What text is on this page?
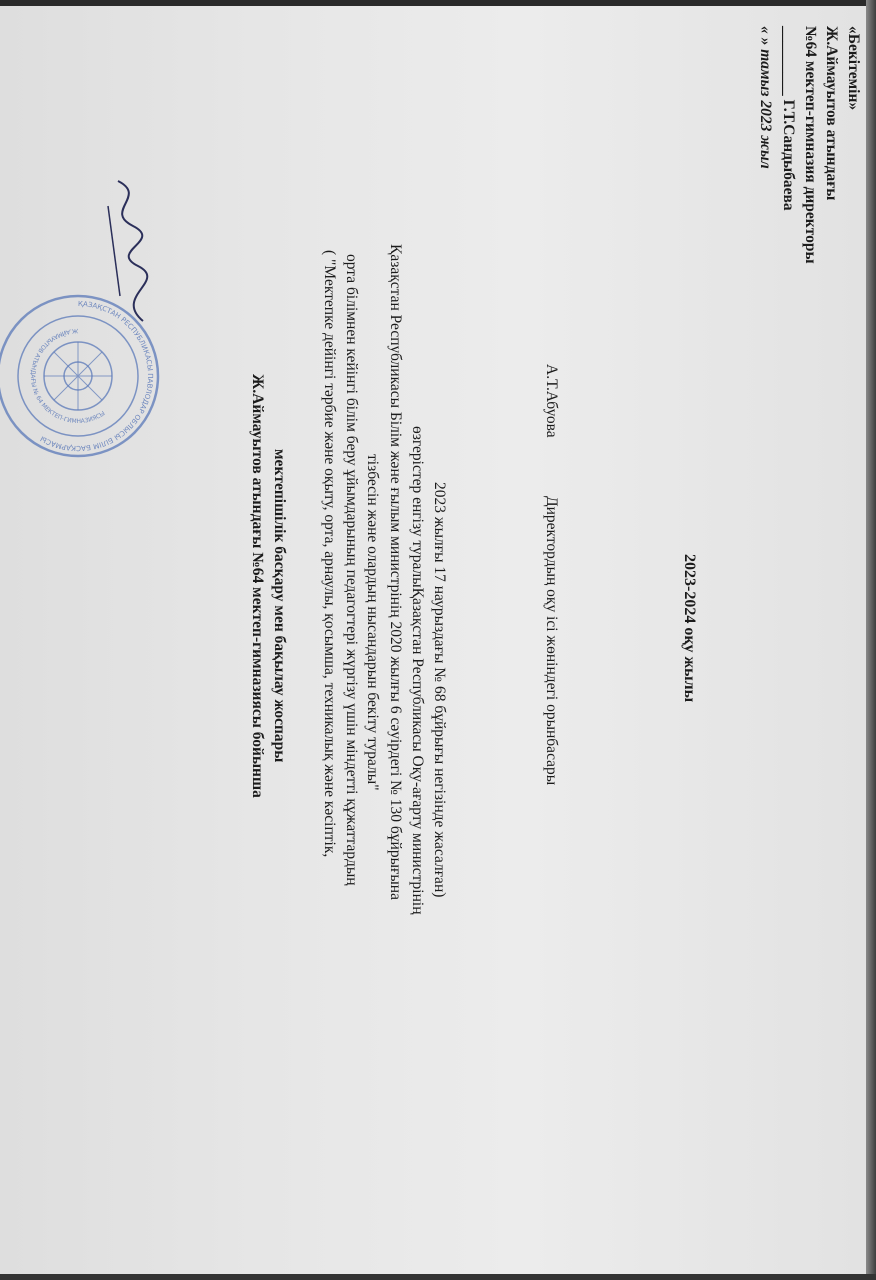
«Бекітемін»
Ж.Аймауытов атындағы
№64 мектеп-гимназия директоры
_________ Г.Т.Сандыбаева
« » тамыз 2023 жыл
ҚАЗАҚСТАН РЕСПУБЛИКАСЫ ПАВЛОДАР ОБЛЫСЫ БІЛІМ БАСҚАРМАСЫ
Ж.АЙМАУЫТОВ АТЫНДАҒЫ № 64 МЕКТЕП-ГИМНАЗИЯСЫ	Ж.Аймауытов атындағы №64 мектеп-гимназиясы бойынша мектепішілік басқару мен бақылау жоспары ( "Мектепке дейінгі тәрбие және оқыту, орта, арнаулы, қосымша, техникалық және кәсіптік, орта білімнен кейінгі білім беру ұйымдарының педагогтері жүргізу үшін міндетті құжаттардың тізбесін және олардың нысандарын бекіту туралы" Қазақстан Республикасы Білім және ғылым министрінің 2020 жылғы 6 сәуірдегі № 130 бұйрығына өзгерістер енгізу туралыҚазақстан Республикасы Оқу-ағарту министрінің 2023 жылғы 17 наурыздағы № 68 бұйрығы негізінде жасалған)	Директордың оқу ісі жөніндегі орынбасары
А.Т.Абуова
2023-2024 оқу жылы
